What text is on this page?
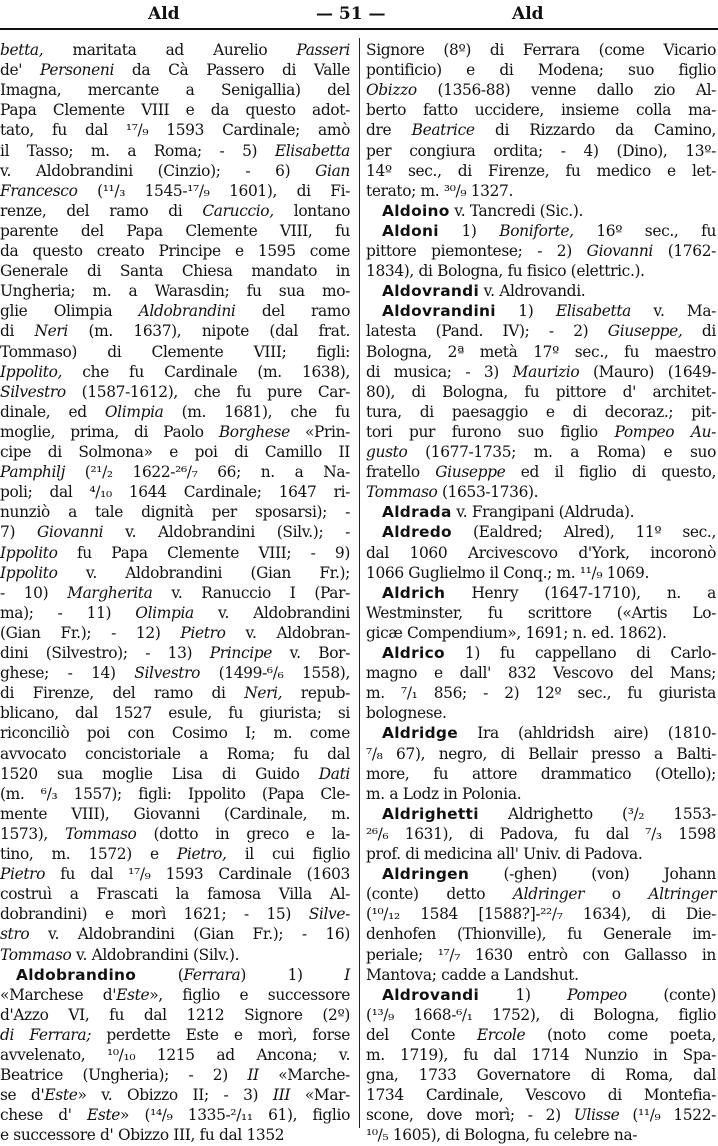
Ald	— 51 —	Ald
betta, maritata ad Aurelio Passeri
de' Personeni da Cà Passero di Valle
Imagna, mercante a Senigallia) del
Papa Clemente VIII e da questo adot-
tato, fu dal ¹⁷/₉ 1593 Cardinale; amò
il Tasso; m. a Roma; - 5) Elisabetta
v. Aldobrandini (Cinzio); - 6) Gian
Francesco (¹¹/₃ 1545-¹⁷/₉ 1601), di Fi-
renze, del ramo di Caruccio, lontano
parente del Papa Clemente VIII, fu
da questo creato Principe e 1595 come
Generale di Santa Chiesa mandato in
Ungheria; m. a Warasdin; fu sua mo-
glie Olimpia Aldobrandini del ramo
di Neri (m. 1637), nipote (dal frat.
Tommaso) di Clemente VIII; figli:
Ippolito, che fu Cardinale (m. 1638),
Silvestro (1587-1612), che fu pure Car-
dinale, ed Olimpia (m. 1681), che fu
moglie, prima, di Paolo Borghese «Prin-
cipe di Solmona» e poi di Camillo II
Pamphilj (²¹/₂ 1622-²⁶/₇ 66; n. a Na-
poli; dal ⁴/₁₀ 1644 Cardinale; 1647 ri-
nunziò a tale dignità per sposarsi); -
7) Giovanni v. Aldobrandini (Silv.); -
Ippolito fu Papa Clemente VIII; - 9)
Ippolito v. Aldobrandini (Gian Fr.);
- 10) Margherita v. Ranuccio I (Par-
ma); - 11) Olimpia v. Aldobrandini
(Gian Fr.); - 12) Pietro v. Aldobran-
dini (Silvestro); - 13) Principe v. Bor-
ghese; - 14) Silvestro (1499-⁶/₆ 1558),
di Firenze, del ramo di Neri, repub-
blicano, dal 1527 esule, fu giurista; si
riconciliò poi con Cosimo I; m. come
avvocato concistoriale a Roma; fu dal
1520 sua moglie Lisa di Guido Dati
(m. ⁶/₃ 1557); figli: Ippolito (Papa Cle-
mente VIII), Giovanni (Cardinale, m.
1573), Tommaso (dotto in greco e la-
tino, m. 1572) e Pietro, il cui figlio
Pietro fu dal ¹⁷/₉ 1593 Cardinale (1603
costruì a Frascati la famosa Villa Al-
dobrandini) e morì 1621; - 15) Silve-
stro v. Aldobrandini (Gian Fr.); - 16)
Tommaso v. Aldobrandini (Silv.).
Aldobrandino (Ferrara) 1) I
«Marchese d'Este», figlio e successore
d'Azzo VI, fu dal 1212 Signore (2º)
di Ferrara; perdette Este e morì, forse
avvelenato, ¹⁰/₁₀ 1215 ad Ancona; v.
Beatrice (Ungheria); - 2) II «Marche-
se d'Este» v. Obizzo II; - 3) III «Mar-
chese d' Este» (¹⁴/₉ 1335-²/₁₁ 61), figlio
e successore d' Obizzo III, fu dal 1352
Signore (8º) di Ferrara (come Vicario
pontificio) e di Modena; suo figlio
Obizzo (1356-88) venne dallo zio Al-
berto fatto uccidere, insieme colla ma-
dre Beatrice di Rizzardo da Camino,
per congiura ordita; - 4) (Dino), 13º-
14º sec., di Firenze, fu medico e let-
terato; m. ³⁰/₉ 1327.
Aldoino v. Tancredi (Sic.).
Aldoni 1) Boniforte, 16º sec., fu
pittore piemontese; - 2) Giovanni (1762-
1834), di Bologna, fu fisico (elettric.).
Aldovrandi v. Aldrovandi.
Aldovrandini 1) Elisabetta v. Ma-
latesta (Pand. IV); - 2) Giuseppe, di
Bologna, 2ª metà 17º sec., fu maestro
di musica; - 3) Maurizio (Mauro) (1649-
80), di Bologna, fu pittore d' architet-
tura, di paesaggio e di decoraz.; pit-
tori pur furono suo figlio Pompeo Au-
gusto (1677-1735; m. a Roma) e suo
fratello Giuseppe ed il figlio di questo,
Tommaso (1653-1736).
Aldrada v. Frangipani (Aldruda).
Aldredo (Ealdred; Alred), 11º sec.,
dal 1060 Arcivescovo d'York, incoronò
1066 Guglielmo il Conq.; m. ¹¹/₉ 1069.
Aldrich Henry (1647-1710), n. a
Westminster, fu scrittore («Artis Lo-
gicæ Compendium», 1691; n. ed. 1862).
Aldrico 1) fu cappellano di Carlo-
magno e dall' 832 Vescovo del Mans;
m. ⁷/₁ 856; - 2) 12º sec., fu giurista
bolognese.
Aldridge Ira (ahldridsh aire) (1810-
⁷/₈ 67), negro, di Bellair presso a Balti-
more, fu attore drammatico (Otello);
m. a Lodz in Polonia.
Aldrighetti Aldrighetto (³/₂ 1553-
²⁶/₆ 1631), di Padova, fu dal ⁷/₃ 1598
prof. di medicina all' Univ. di Padova.
Aldringen (-ghen) (von) Johann
(conte) detto Aldringer o Altringer
(¹⁰/₁₂ 1584 [1588?]-²²/₇ 1634), di Die-
denhofen (Thionville), fu Generale im-
periale; ¹⁷/₇ 1630 entrò con Gallasso in
Mantova; cadde a Landshut.
Aldrovandi 1) Pompeo (conte)
(¹³/₉ 1668-⁶/₁ 1752), di Bologna, figlio
del Conte Ercole (noto come poeta,
m. 1719), fu dal 1714 Nunzio in Spa-
gna, 1733 Governatore di Roma, dal
1734 Cardinale, Vescovo di Montefia-
scone, dove morì; - 2) Ulisse (¹¹/₉ 1522-
¹⁰/₅ 1605), di Bologna, fu celebre na-
